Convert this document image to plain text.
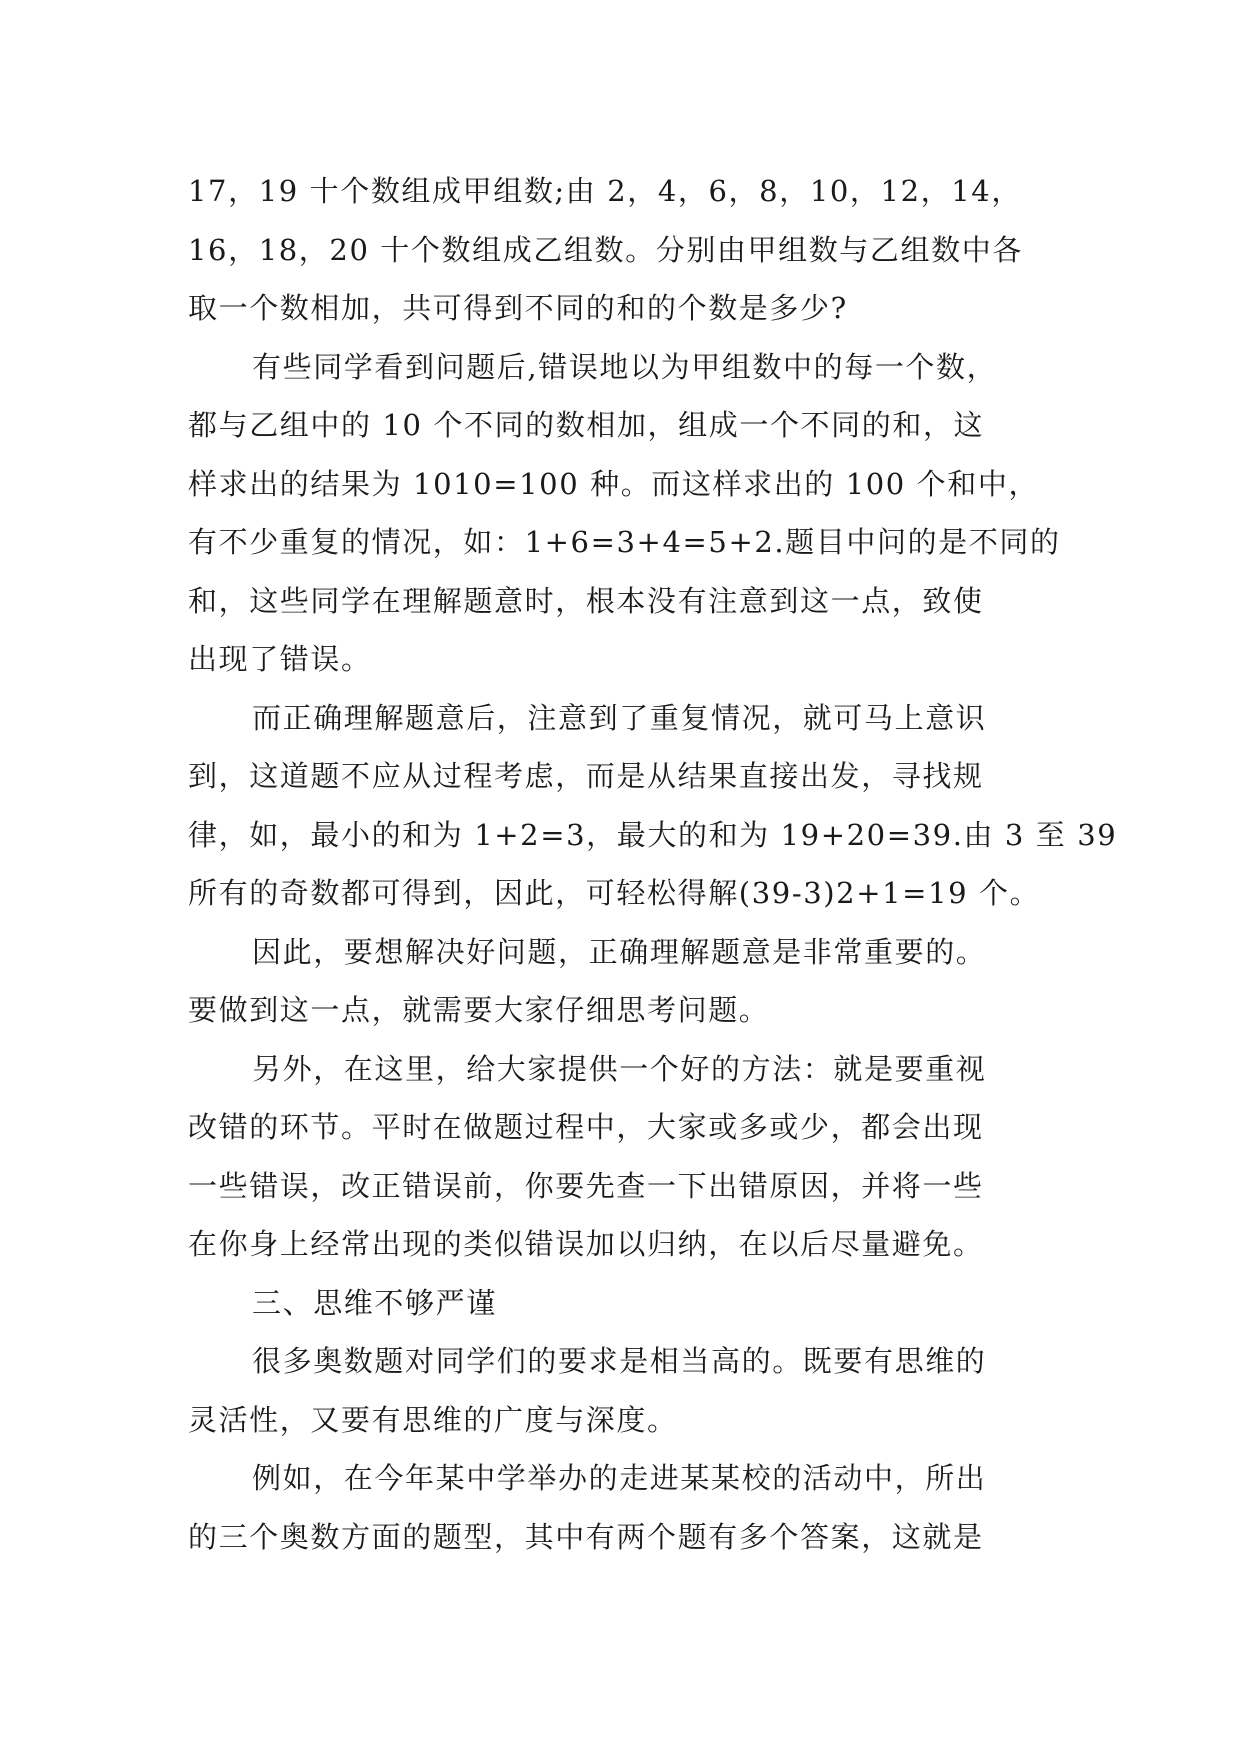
17，19 十个数组成甲组数;由 2，4，6，8，10，12，14，
16，18，20 十个数组成乙组数。分别由甲组数与乙组数中各
取一个数相加，共可得到不同的和的个数是多少?
有些同学看到问题后,错误地以为甲组数中的每一个数，
都与乙组中的 10 个不同的数相加，组成一个不同的和，这
样求出的结果为 1010=100 种。而这样求出的 100 个和中，
有不少重复的情况，如：1+6=3+4=5+2.题目中问的是不同的
和，这些同学在理解题意时，根本没有注意到这一点，致使
出现了错误。
而正确理解题意后，注意到了重复情况，就可马上意识
到，这道题不应从过程考虑，而是从结果直接出发，寻找规
律，如，最小的和为 1+2=3，最大的和为 19+20=39.由 3 至 39
所有的奇数都可得到，因此，可轻松得解(39-3)2+1=19 个。
因此，要想解决好问题，正确理解题意是非常重要的。
要做到这一点，就需要大家仔细思考问题。
另外，在这里，给大家提供一个好的方法：就是要重视
改错的环节。平时在做题过程中，大家或多或少，都会出现
一些错误，改正错误前，你要先查一下出错原因，并将一些
在你身上经常出现的类似错误加以归纳，在以后尽量避免。
三、思维不够严谨
很多奥数题对同学们的要求是相当高的。既要有思维的
灵活性，又要有思维的广度与深度。
例如，在今年某中学举办的走进某某校的活动中，所出
的三个奥数方面的题型，其中有两个题有多个答案，这就是
